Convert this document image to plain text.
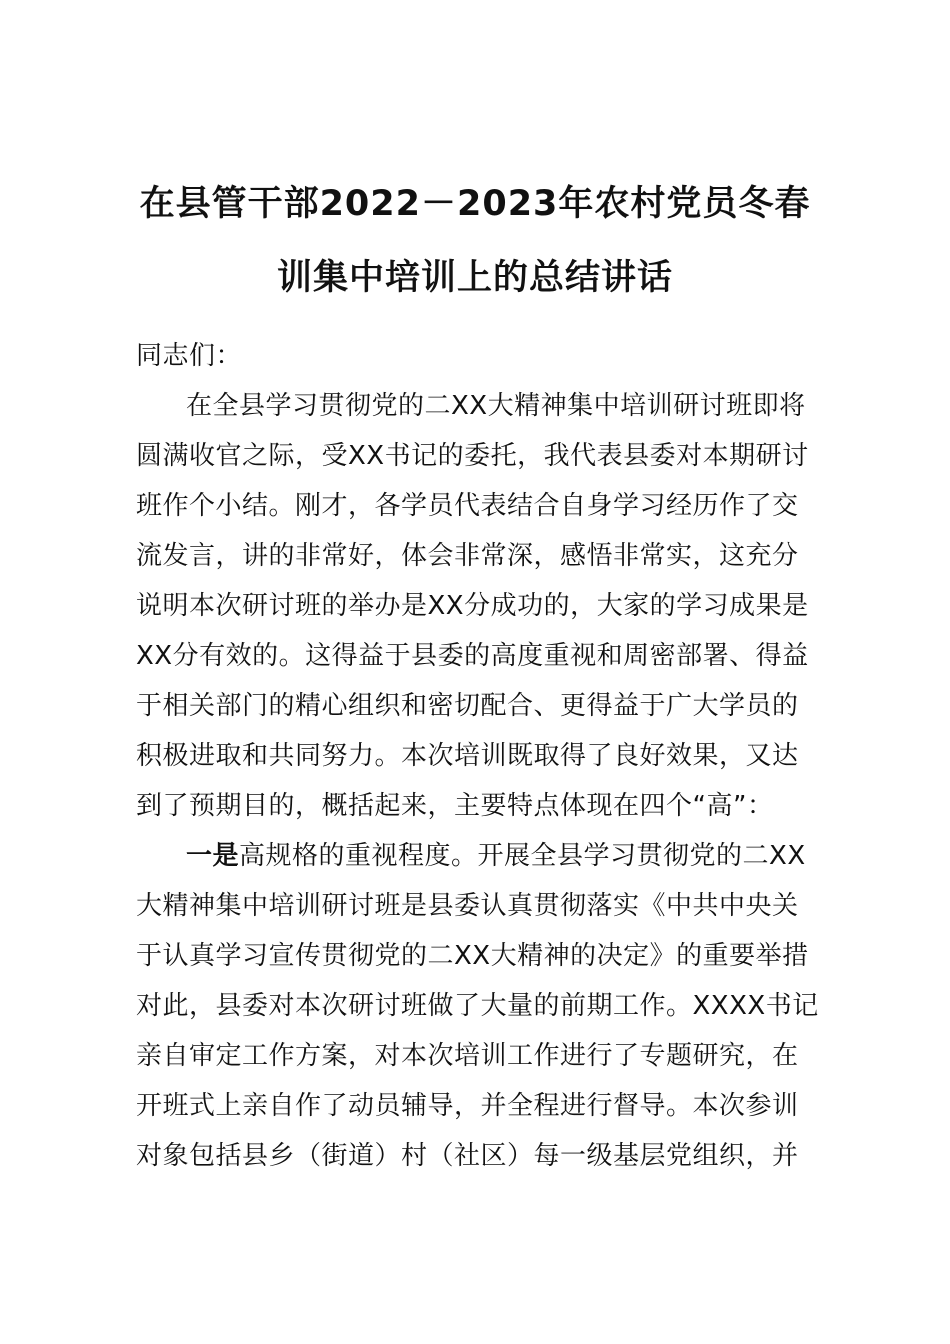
在县管干部2022－2023年农村党员冬春
训集中培训上的总结讲话
同志们：
在全县学习贯彻党的二XX大精神集中培训研讨班即将
圆满收官之际，受XX书记的委托，我代表县委对本期研讨
班作个小结。刚才，各学员代表结合自身学习经历作了交
流发言，讲的非常好，体会非常深，感悟非常实，这充分
说明本次研讨班的举办是XX分成功的，大家的学习成果是
XX分有效的。这得益于县委的高度重视和周密部署、得益
于相关部门的精心组织和密切配合、更得益于广大学员的
积极进取和共同努力。本次培训既取得了良好效果，又达
到了预期目的，概括起来，主要特点体现在四个“高”：
一是高规格的重视程度。开展全县学习贯彻党的二XX
大精神集中培训研讨班是县委认真贯彻落实《中共中央关
于认真学习宣传贯彻党的二XX大精神的决定》的重要举措
对此，县委对本次研讨班做了大量的前期工作。XXXX书记
亲自审定工作方案，对本次培训工作进行了专题研究，在
开班式上亲自作了动员辅导，并全程进行督导。本次参训
对象包括县乡（街道）村（社区）每一级基层党组织，并
